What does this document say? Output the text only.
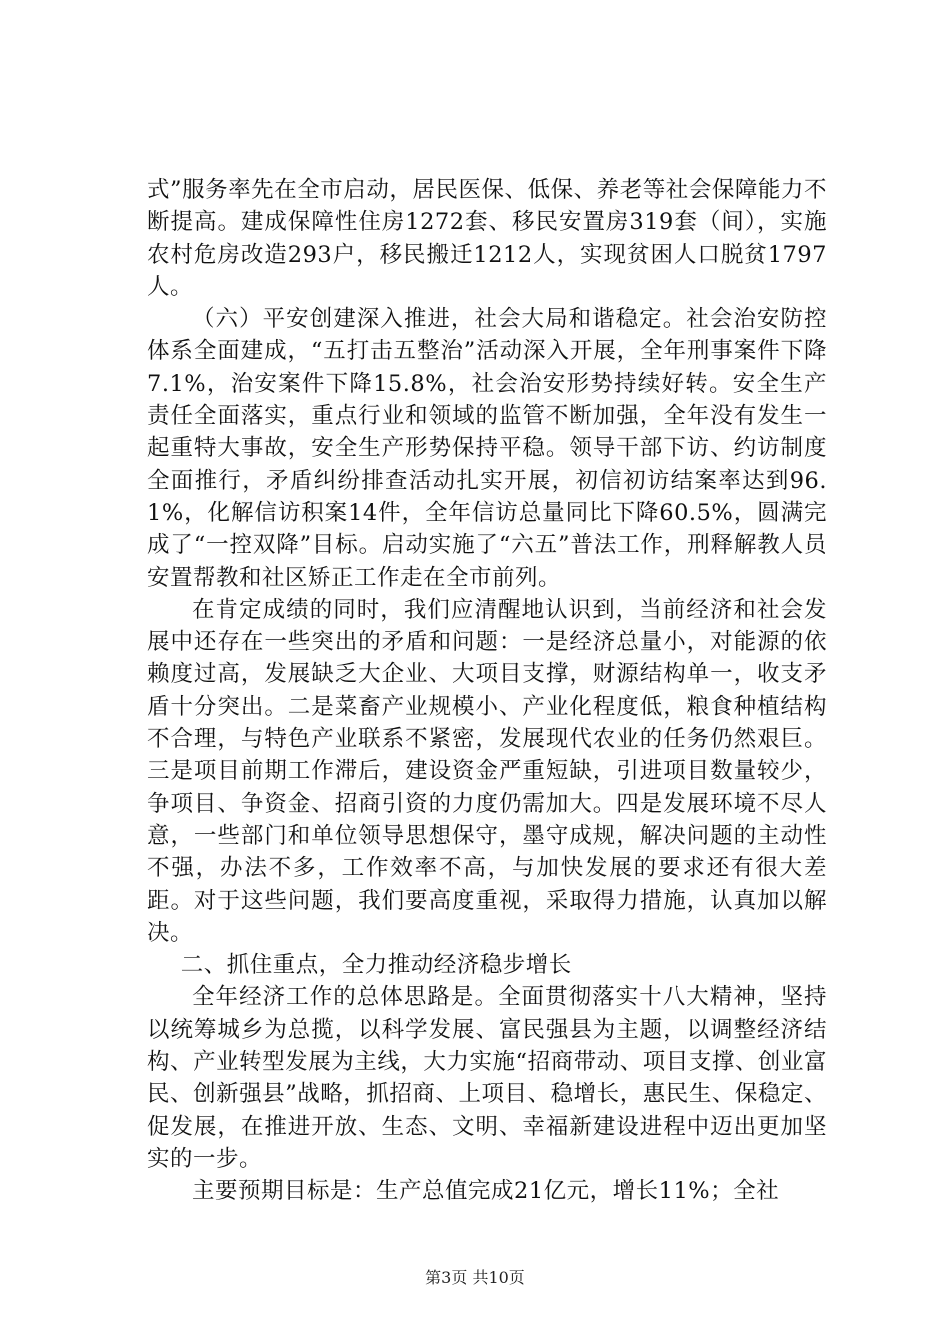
式”服务率先在全市启动，居民医保、低保、养老等社会保障能力不断提高。建成保障性住房1272套、移民安置房319套（间），实施农村危房改造293户，移民搬迁1212人，实现贫困人口脱贫1797人。

（六）平安创建深入推进，社会大局和谐稳定。社会治安防控体系全面建成，“五打击五整治”活动深入开展，全年刑事案件下降7.1%，治安案件下降15.8%，社会治安形势持续好转。安全生产责任全面落实，重点行业和领域的监管不断加强，全年没有发生一起重特大事故，安全生产形势保持平稳。领导干部下访、约访制度全面推行，矛盾纠纷排查活动扎实开展，初信初访结案率达到96.1%，化解信访积案14件，全年信访总量同比下降60.5%，圆满完成了“一控双降”目标。启动实施了“六五”普法工作，刑释解教人员安置帮教和社区矫正工作走在全市前列。

在肯定成绩的同时，我们应清醒地认识到，当前经济和社会发展中还存在一些突出的矛盾和问题：一是经济总量小，对能源的依赖度过高，发展缺乏大企业、大项目支撑，财源结构单一，收支矛盾十分突出。二是菜畜产业规模小、产业化程度低，粮食种植结构不合理，与特色产业联系不紧密，发展现代农业的任务仍然艰巨。三是项目前期工作滞后，建设资金严重短缺，引进项目数量较少，争项目、争资金、招商引资的力度仍需加大。四是发展环境不尽人意，一些部门和单位领导思想保守，墨守成规，解决问题的主动性不强，办法不多，工作效率不高，与加快发展的要求还有很大差距。对于这些问题，我们要高度重视，采取得力措施，认真加以解决。

二、抓住重点，全力推动经济稳步增长

全年经济工作的总体思路是。全面贯彻落实十八大精神，坚持以统筹城乡为总揽，以科学发展、富民强县为主题，以调整经济结构、产业转型发展为主线，大力实施“招商带动、项目支撑、创业富民、创新强县”战略，抓招商、上项目、稳增长，惠民生、保稳定、促发展，在推进开放、生态、文明、幸福新建设进程中迈出更加坚实的一步。

主要预期目标是：生产总值完成21亿元，增长11%；全社

第3页 共10页
